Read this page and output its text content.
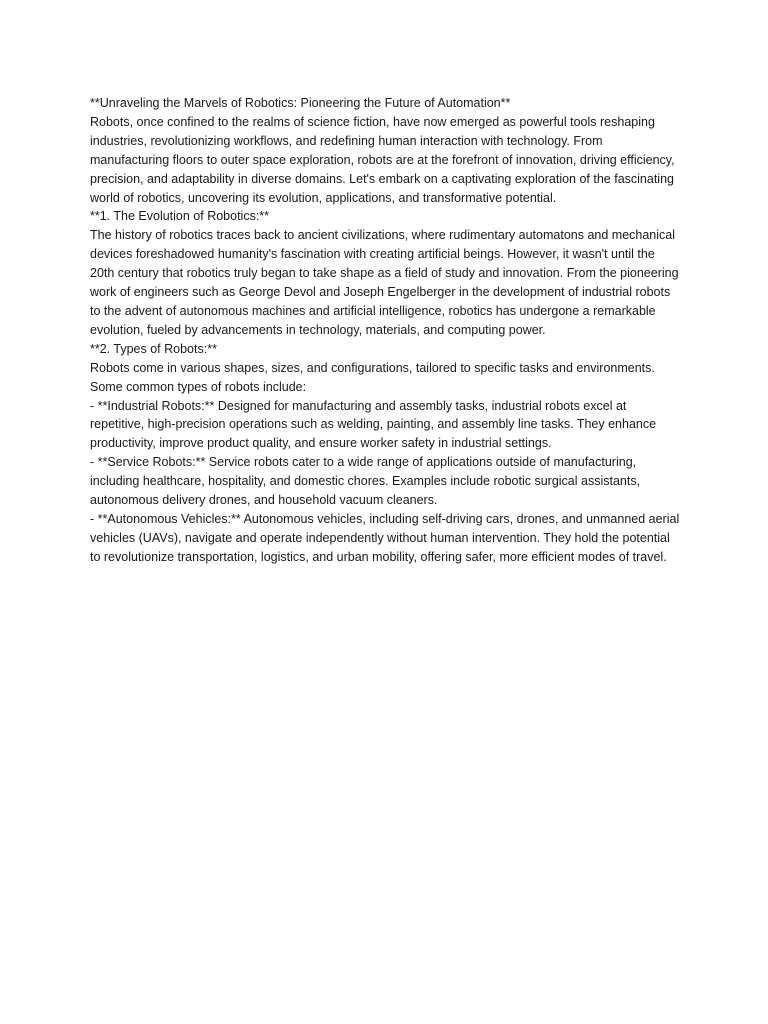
**Unraveling the Marvels of Robotics: Pioneering the Future of Automation**

Robots, once confined to the realms of science fiction, have now emerged as powerful tools reshaping industries, revolutionizing workflows, and redefining human interaction with technology. From manufacturing floors to outer space exploration, robots are at the forefront of innovation, driving efficiency, precision, and adaptability in diverse domains. Let's embark on a captivating exploration of the fascinating world of robotics, uncovering its evolution, applications, and transformative potential.

**1. The Evolution of Robotics:**

The history of robotics traces back to ancient civilizations, where rudimentary automatons and mechanical devices foreshadowed humanity's fascination with creating artificial beings. However, it wasn't until the 20th century that robotics truly began to take shape as a field of study and innovation. From the pioneering work of engineers such as George Devol and Joseph Engelberger in the development of industrial robots to the advent of autonomous machines and artificial intelligence, robotics has undergone a remarkable evolution, fueled by advancements in technology, materials, and computing power.

**2. Types of Robots:**

Robots come in various shapes, sizes, and configurations, tailored to specific tasks and environments. Some common types of robots include:

- **Industrial Robots:** Designed for manufacturing and assembly tasks, industrial robots excel at repetitive, high-precision operations such as welding, painting, and assembly line tasks. They enhance productivity, improve product quality, and ensure worker safety in industrial settings.

- **Service Robots:** Service robots cater to a wide range of applications outside of manufacturing, including healthcare, hospitality, and domestic chores. Examples include robotic surgical assistants, autonomous delivery drones, and household vacuum cleaners.

- **Autonomous Vehicles:** Autonomous vehicles, including self-driving cars, drones, and unmanned aerial vehicles (UAVs), navigate and operate independently without human intervention. They hold the potential to revolutionize transportation, logistics, and urban mobility, offering safer, more efficient modes of travel.
